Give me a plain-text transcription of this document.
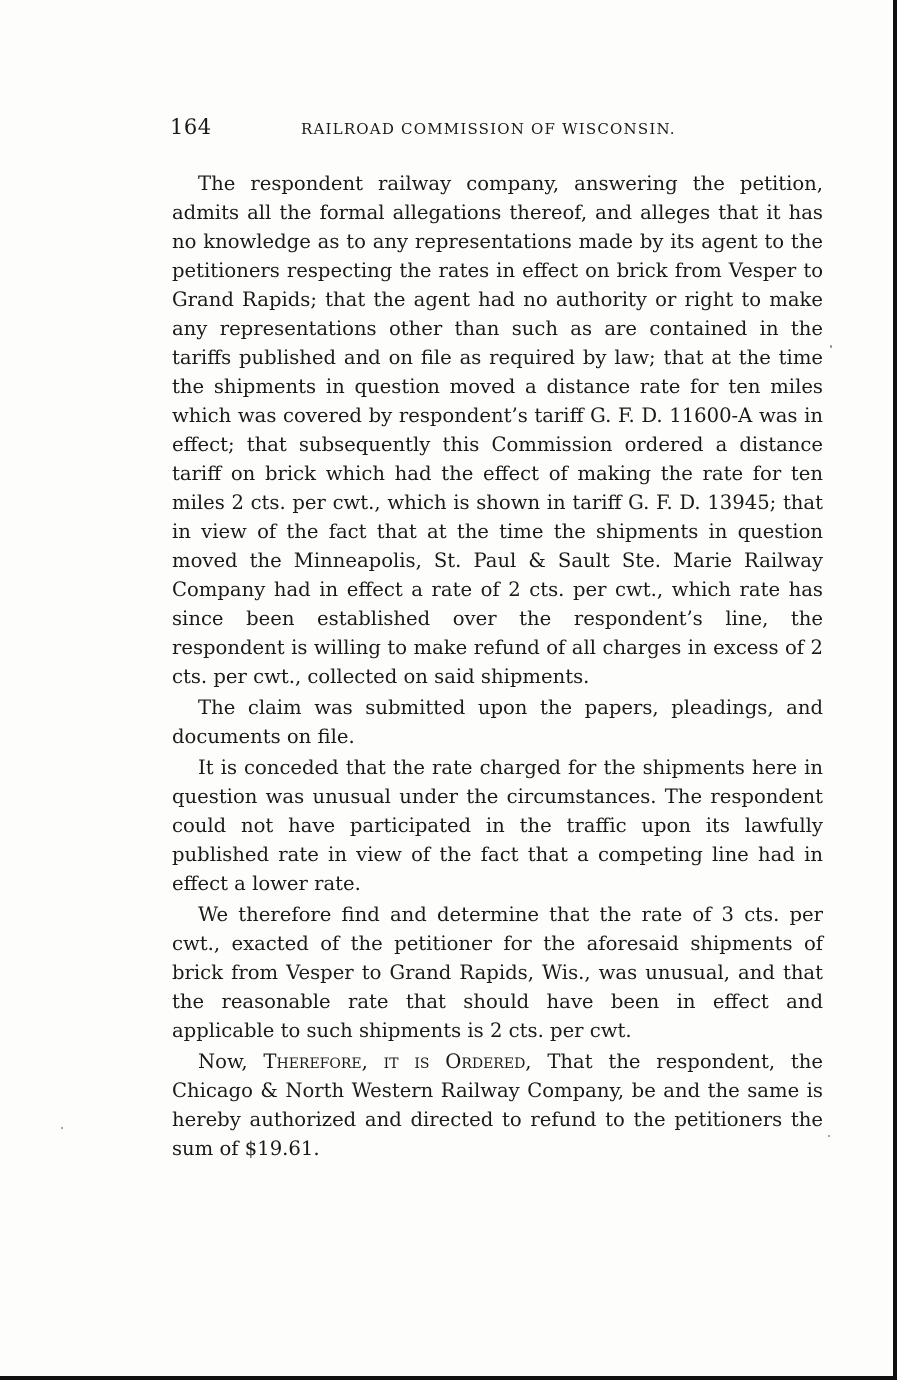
164	RAILROAD COMMISSION OF WISCONSIN.

The respondent railway company, answering the petition, admits all the formal allegations thereof, and alleges that it has no knowledge as to any representations made by its agent to the petitioners respecting the rates in effect on brick from Vesper to Grand Rapids; that the agent had no authority or right to make any representations other than such as are contained in the tariffs published and on file as required by law; that at the time the shipments in question moved a distance rate for ten miles which was covered by respondent’s tariff G. F. D. 11600-A was in effect; that subsequently this Commission ordered a distance tariff on brick which had the effect of making the rate for ten miles 2 cts. per cwt., which is shown in tariff G. F. D. 13945; that in view of the fact that at the time the shipments in question moved the Minneapolis, St. Paul & Sault Ste. Marie Railway Company had in effect a rate of 2 cts. per cwt., which rate has since been established over the respondent’s line, the respondent is willing to make refund of all charges in excess of 2 cts. per cwt., collected on said shipments.

The claim was submitted upon the papers, pleadings, and documents on file.

It is conceded that the rate charged for the shipments here in question was unusual under the circumstances. The respondent could not have participated in the traffic upon its lawfully published rate in view of the fact that a competing line had in effect a lower rate.

We therefore find and determine that the rate of 3 cts. per cwt., exacted of the petitioner for the aforesaid shipments of brick from Vesper to Grand Rapids, Wis., was unusual, and that the reasonable rate that should have been in effect and applicable to such shipments is 2 cts. per cwt.

Now, Therefore, it is Ordered, That the respondent, the Chicago & North Western Railway Company, be and the same is hereby authorized and directed to refund to the petitioners the sum of $19.61.
